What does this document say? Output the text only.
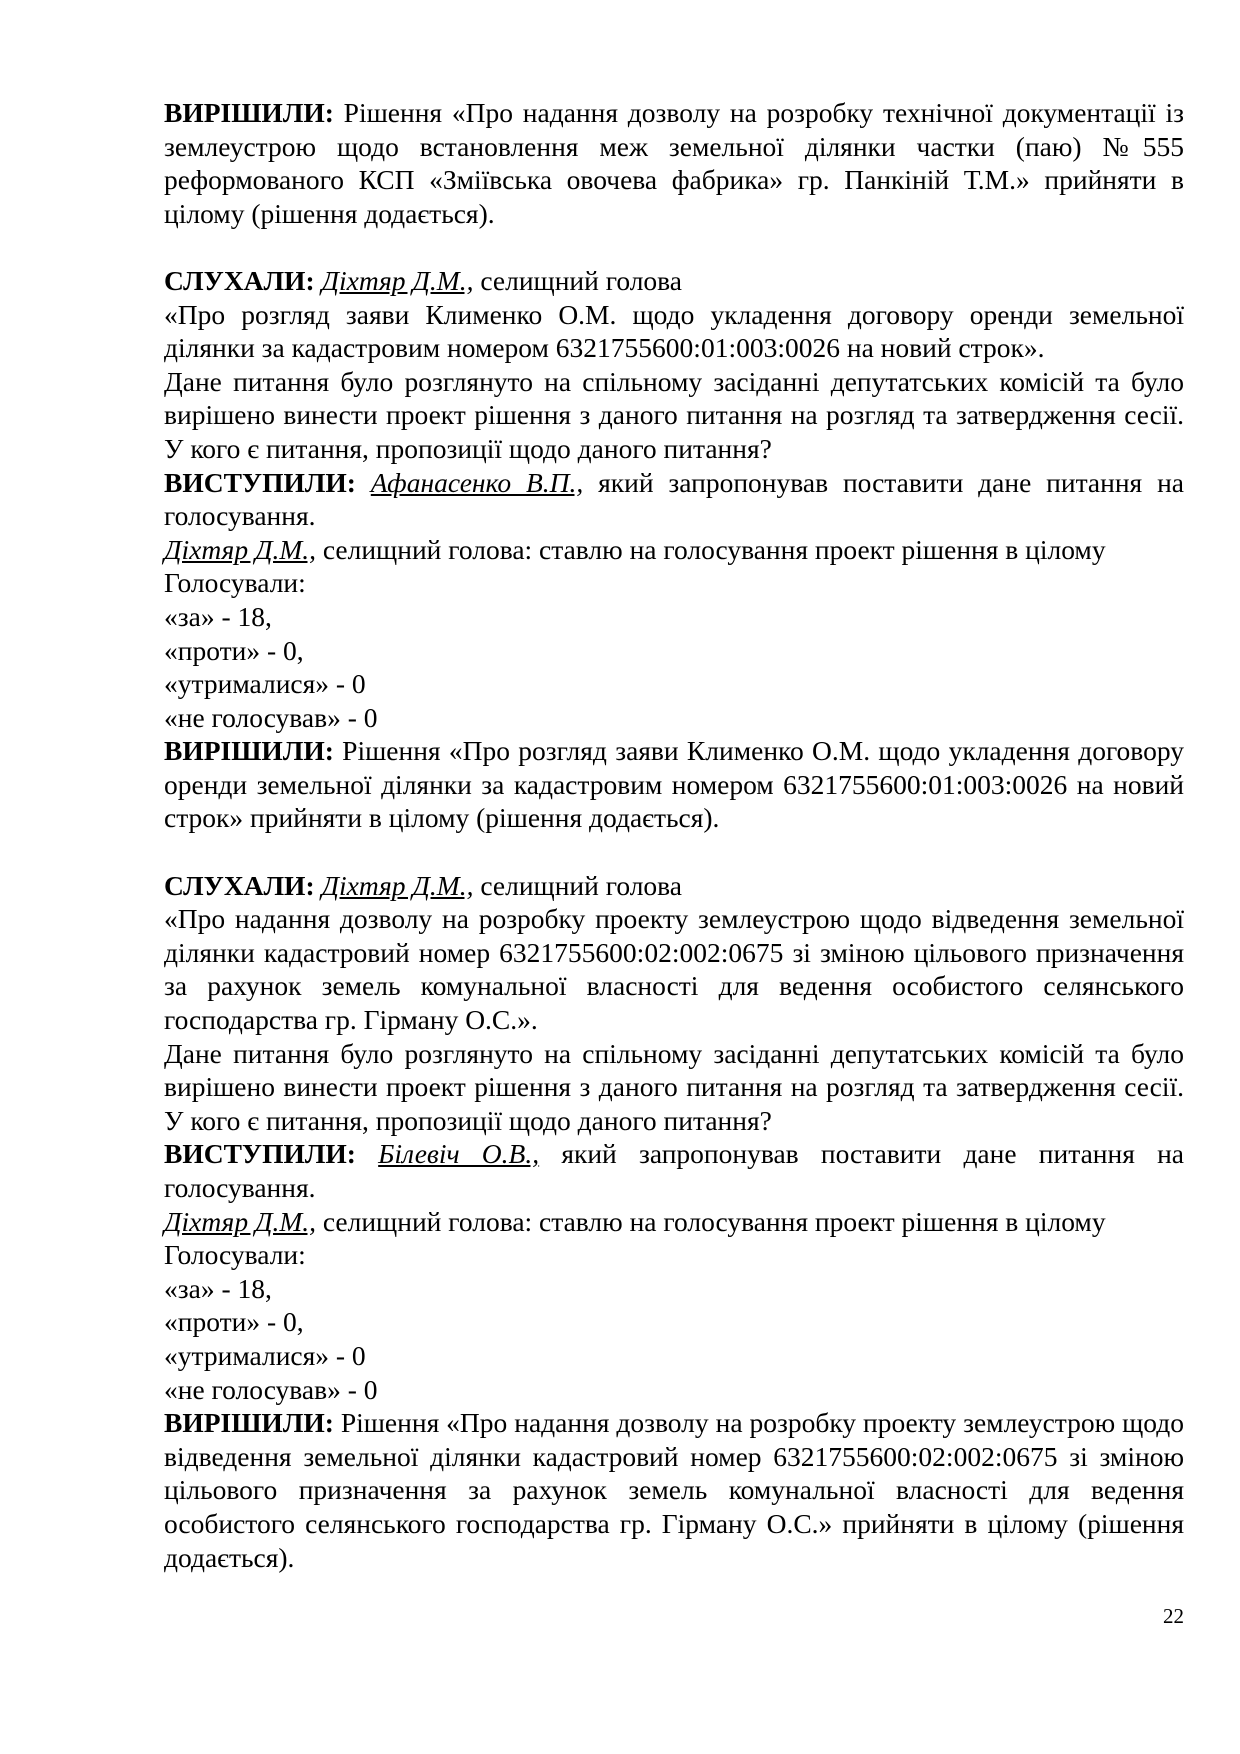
ВИРІШИЛИ: Рішення «Про надання дозволу на розробку технічної документації із землеустрою щодо встановлення меж земельної ділянки частки (паю) №555 реформованого КСП «Зміївська овочева фабрика» гр. Панкіній Т.М.» прийняти в цілому (рішення додається).

СЛУХАЛИ: Діхтяр Д.М., селищний голова

«Про розгляд заяви Клименко О.М. щодо укладення договору оренди земельної ділянки за кадастровим номером 6321755600:01:003:0026 на новий строк».

Дане питання було розглянуто на спільному засіданні депутатських комісій та було вирішено винести проект рішення з даного питання на розгляд та затвердження сесії. У кого є питання, пропозиції щодо даного питання?

ВИСТУПИЛИ: Афанасенко В.П., який запропонував поставити дане питання на голосування.

Діхтяр Д.М., селищний голова: ставлю на голосування проект рішення в цілому

Голосували:

«за» - 18,

«проти» - 0,

«утрималися» - 0

«не голосував» - 0

ВИРІШИЛИ: Рішення «Про розгляд заяви Клименко О.М. щодо укладення договору оренди земельної ділянки за кадастровим номером 6321755600:01:003:0026 на новий строк» прийняти в цілому (рішення додається).

СЛУХАЛИ: Діхтяр Д.М., селищний голова

«Про надання дозволу на розробку проекту землеустрою щодо відведення земельної ділянки кадастровий номер 6321755600:02:002:0675 зі зміною цільового призначення за рахунок земель комунальної власності для ведення особистого селянського господарства гр. Гірману О.С.».

Дане питання було розглянуто на спільному засіданні депутатських комісій та було вирішено винести проект рішення з даного питання на розгляд та затвердження сесії. У кого є питання, пропозиції щодо даного питання?

ВИСТУПИЛИ: Білевіч О.В., який запропонував поставити дане питання на голосування.

Діхтяр Д.М., селищний голова: ставлю на голосування проект рішення в цілому

Голосували:

«за» - 18,

«проти» - 0,

«утрималися» - 0

«не голосував» - 0

ВИРІШИЛИ: Рішення «Про надання дозволу на розробку проекту землеустрою щодо відведення земельної ділянки кадастровий номер 6321755600:02:002:0675 зі зміною цільового призначення за рахунок земель комунальної власності для ведення особистого селянського господарства гр. Гірману О.С.» прийняти в цілому (рішення додається).

22
